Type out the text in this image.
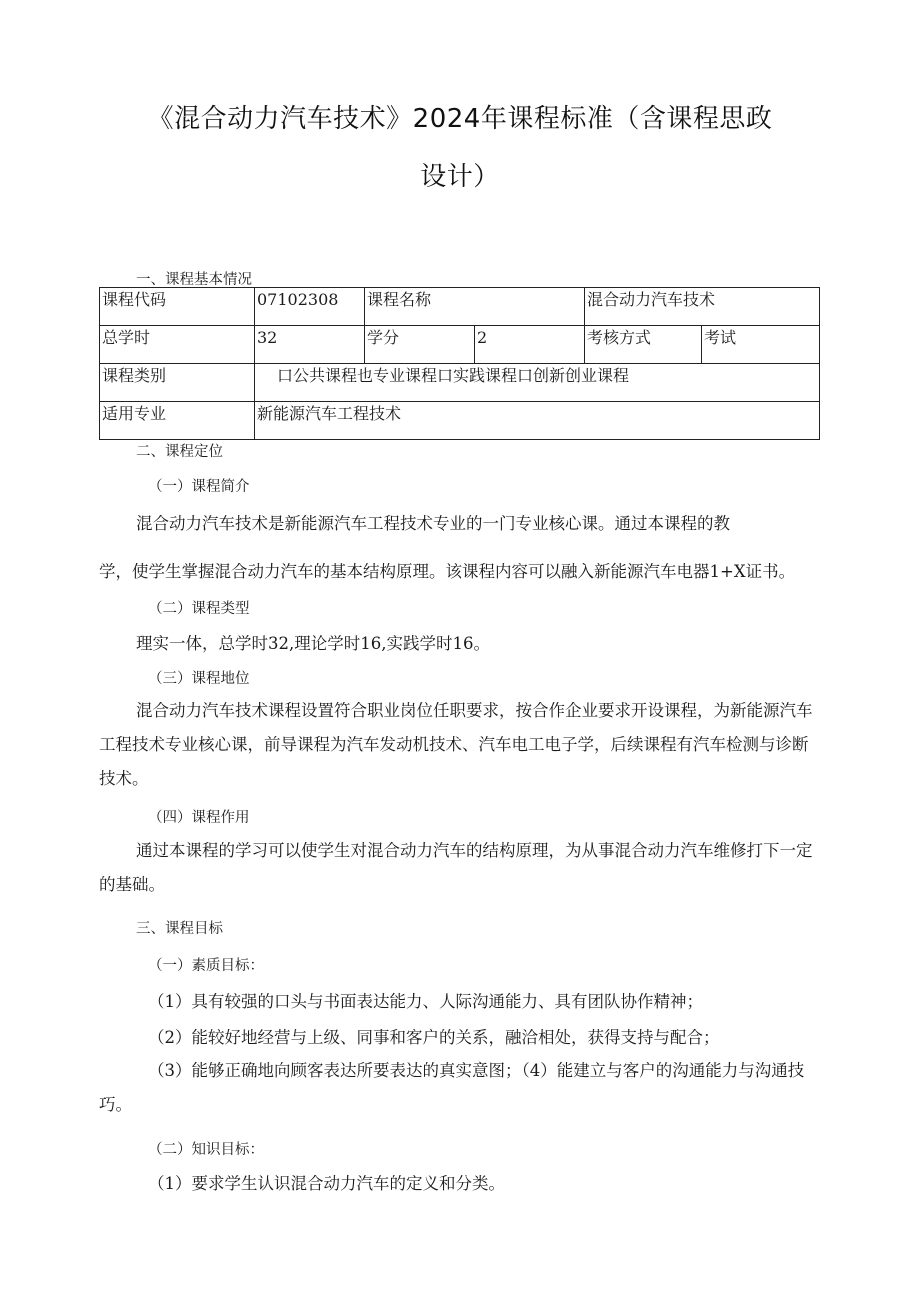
《混合动力汽车技术》2024年课程标准（含课程思政
设计）
一、课程基本情况
课程代码	07102308	课程名称		混合动力汽车技术	
总学时	32	学分	2	考核方式	考试
课程类别	口公共课程也专业课程口实践课程口创新创业课程				
适用专业	新能源汽车工程技术				
二、课程定位
（一）课程简介
混合动力汽车技术是新能源汽车工程技术专业的一门专业核心课。通过本课程的教
学，使学生掌握混合动力汽车的基本结构原理。该课程内容可以融入新能源汽车电器1+X证书。
（二）课程类型
理实一体，总学时32,理论学时16,实践学时16。
（三）课程地位
混合动力汽车技术课程设置符合职业岗位任职要求，按合作企业要求开设课程，为新能源汽车工程技术专业核心课，前导课程为汽车发动机技术、汽车电工电子学，后续课程有汽车检测与诊断技术。
（四）课程作用
通过本课程的学习可以使学生对混合动力汽车的结构原理，为从事混合动力汽车维修打下一定的基础。
三、课程目标
（一）素质目标：
（1）具有较强的口头与书面表达能力、人际沟通能力、具有团队协作精神；
（2）能较好地经营与上级、同事和客户的关系，融洽相处，获得支持与配合；
（3）能够正确地向顾客表达所要表达的真实意图；（4）能建立与客户的沟通能力与沟通技巧。
（二）知识目标：
（1）要求学生认识混合动力汽车的定义和分类。
